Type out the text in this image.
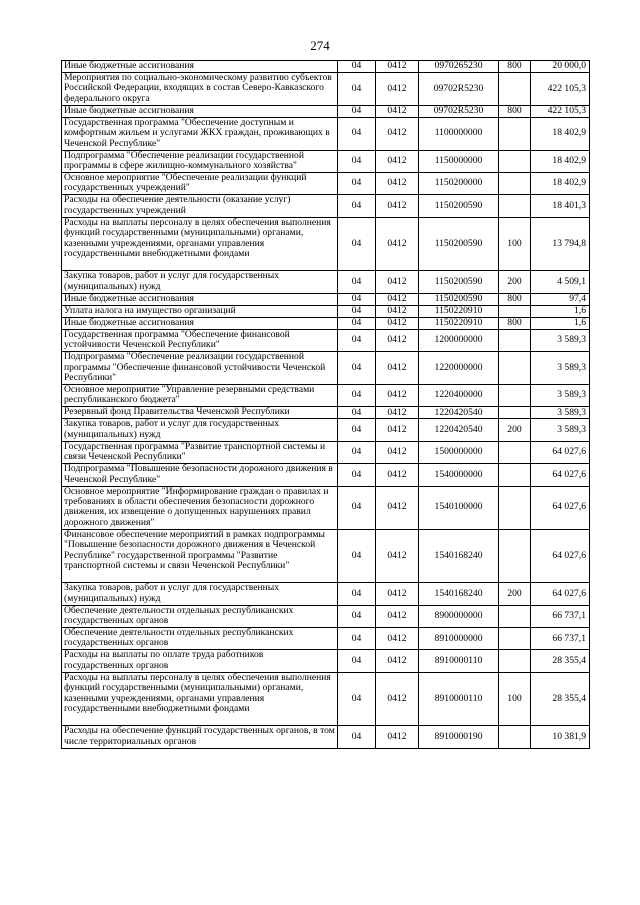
274
Иные бюджетные ассигнования	04	0412	0970265230	800	20 000,0
Мероприятия по социально-экономическому развитию субъектов Российской Федерации, входящих в состав Северо-Кавказского федерального округа	04	0412	09702R5230		422 105,3
Иные бюджетные ассигнования	04	0412	09702R5230	800	422 105,3
Государственная программа "Обеспечение доступным и комфортным жильем и услугами ЖКХ граждан, проживающих в Чеченской Республике"	04	0412	1100000000		18 402,9
Подпрограмма "Обеспечение реализации государственной программы в сфере жилищно-коммунального хозяйства"	04	0412	1150000000		18 402,9
Основное мероприятие "Обеспечение реализации функций государственных учреждений"	04	0412	1150200000		18 402,9
Расходы на обеспечение деятельности (оказание услуг) государственных учреждений	04	0412	1150200590		18 401,3
Расходы на выплаты персоналу в целях обеспечения выполнения функций государственными (муниципальными) органами, казенными учреждениями, органами управления государственными внебюджетными фондами	04	0412	1150200590	100	13 794,8
Закупка товаров, работ и услуг для государственных (муниципальных) нужд	04	0412	1150200590	200	4 509,1
Иные бюджетные ассигнования	04	0412	1150200590	800	97,4
Уплата налога на имущество организаций	04	0412	1150220910		1,6
Иные бюджетные ассигнования	04	0412	1150220910	800	1,6
Государственная программа "Обеспечение финансовой устойчивости Чеченской Республики"	04	0412	1200000000		3 589,3
Подпрограмма "Обеспечение реализации государственной программы "Обеспечение финансовой устойчивости Чеченской Республики"	04	0412	1220000000		3 589,3
Основное мероприятие "Управление резервными средствами республиканского бюджета"	04	0412	1220400000		3 589,3
Резервный фонд Правительства Чеченской Республики	04	0412	1220420540		3 589,3
Закупка товаров, работ и услуг для государственных (муниципальных) нужд	04	0412	1220420540	200	3 589,3
Государственная программа "Развитие транспортной системы и связи Чеченской Республики"	04	0412	1500000000		64 027,6
Подпрограмма "Повышение безопасности дорожного движения в Чеченской Республике"	04	0412	1540000000		64 027,6
Основное мероприятие "Информирование граждан о правилах и требованиях в области обеспечения безопасности дорожного движения, их извещение о допущенных нарушениях правил дорожного движения"	04	0412	1540100000		64 027,6
Финансовое обеспечение мероприятий в рамках подпрограммы "Повышение безопасности дорожного движения в Чеченской Республике" государственной программы "Развитие транспортной системы и связи Чеченской Республики"	04	0412	1540168240		64 027,6
Закупка товаров, работ и услуг для государственных (муниципальных) нужд	04	0412	1540168240	200	64 027,6
Обеспечение деятельности отдельных республиканских государственных органов	04	0412	8900000000		66 737,1
Обеспечение деятельности отдельных республиканских государственных органов	04	0412	8910000000		66 737,1
Расходы на выплаты по оплате труда работников государственных органов	04	0412	8910000110		28 355,4
Расходы на выплаты персоналу в целях обеспечения выполнения функций государственными (муниципальными) органами, казенными учреждениями, органами управления государственными внебюджетными фондами	04	0412	8910000110	100	28 355,4
Расходы на обеспечение функций государственных органов, в том числе территориальных органов	04	0412	8910000190		10 381,9
